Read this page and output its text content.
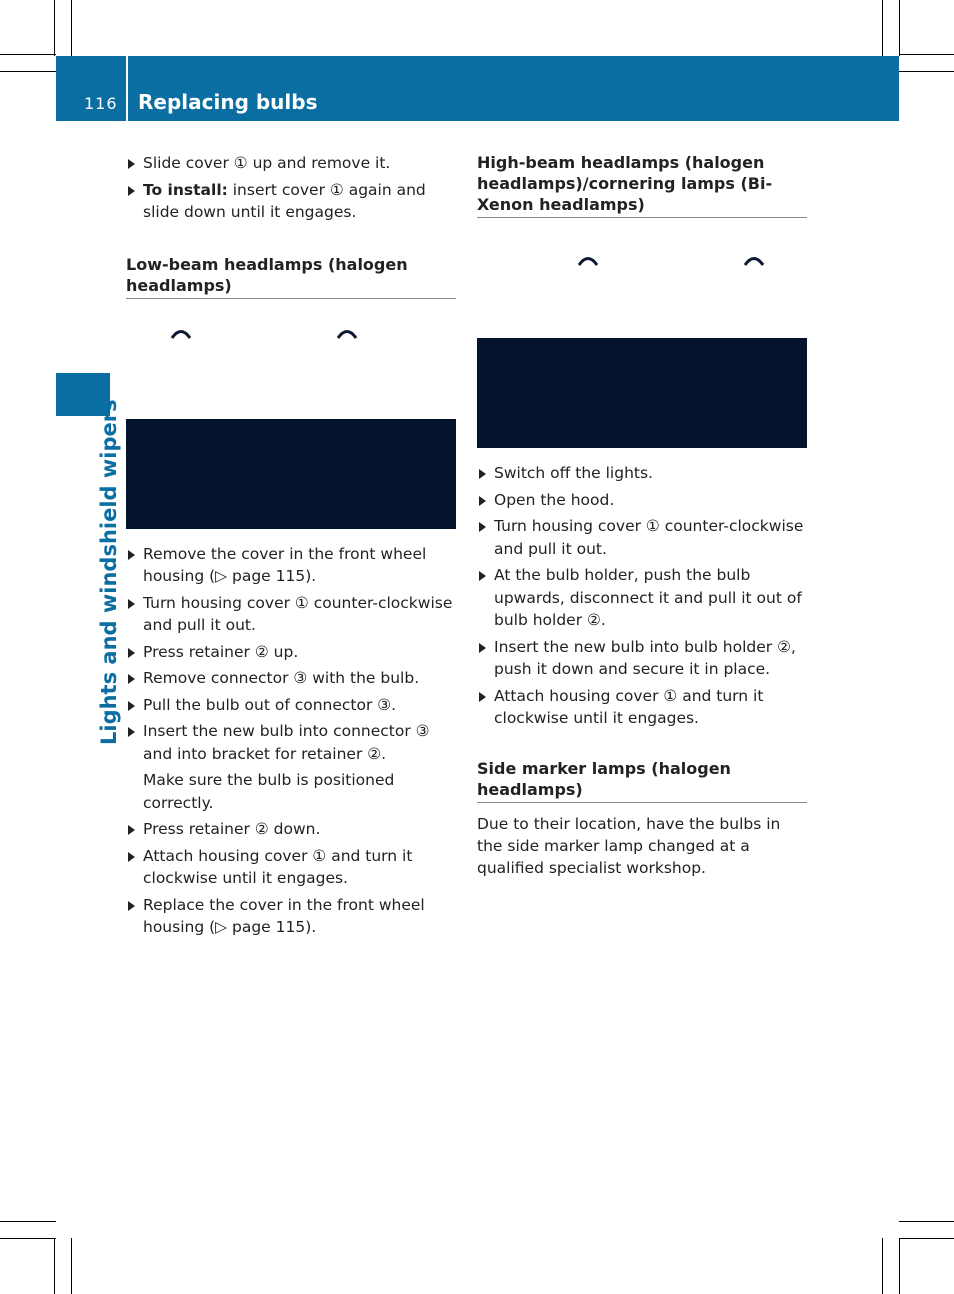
116 Replacing bulbs
Lights and windshield wipers
Slide cover ① up and remove it.
To install: insert cover ① again and slide down until it engages.
Low-beam headlamps (halogen headlamps)
Remove the cover in the front wheel housing (▷ page 115).
Turn housing cover ① counter-clockwise and pull it out.
Press retainer ② up.
Remove connector ③ with the bulb.
Pull the bulb out of connector ③.
Insert the new bulb into connector ③ and into bracket for retainer ②.
Make sure the bulb is positioned correctly.
Press retainer ② down.
Attach housing cover ① and turn it clockwise until it engages.
Replace the cover in the front wheel housing (▷ page 115).
High-beam headlamps (halogen headlamps)/cornering lamps (Bi-Xenon headlamps)
Switch off the lights.
Open the hood.
Turn housing cover ① counter-clockwise and pull it out.
At the bulb holder, push the bulb upwards, disconnect it and pull it out of bulb holder ②.
Insert the new bulb into bulb holder ②, push it down and secure it in place.
Attach housing cover ① and turn it clockwise until it engages.
Side marker lamps (halogen headlamps)
Due to their location, have the bulbs in the side marker lamp changed at a qualified specialist workshop.
